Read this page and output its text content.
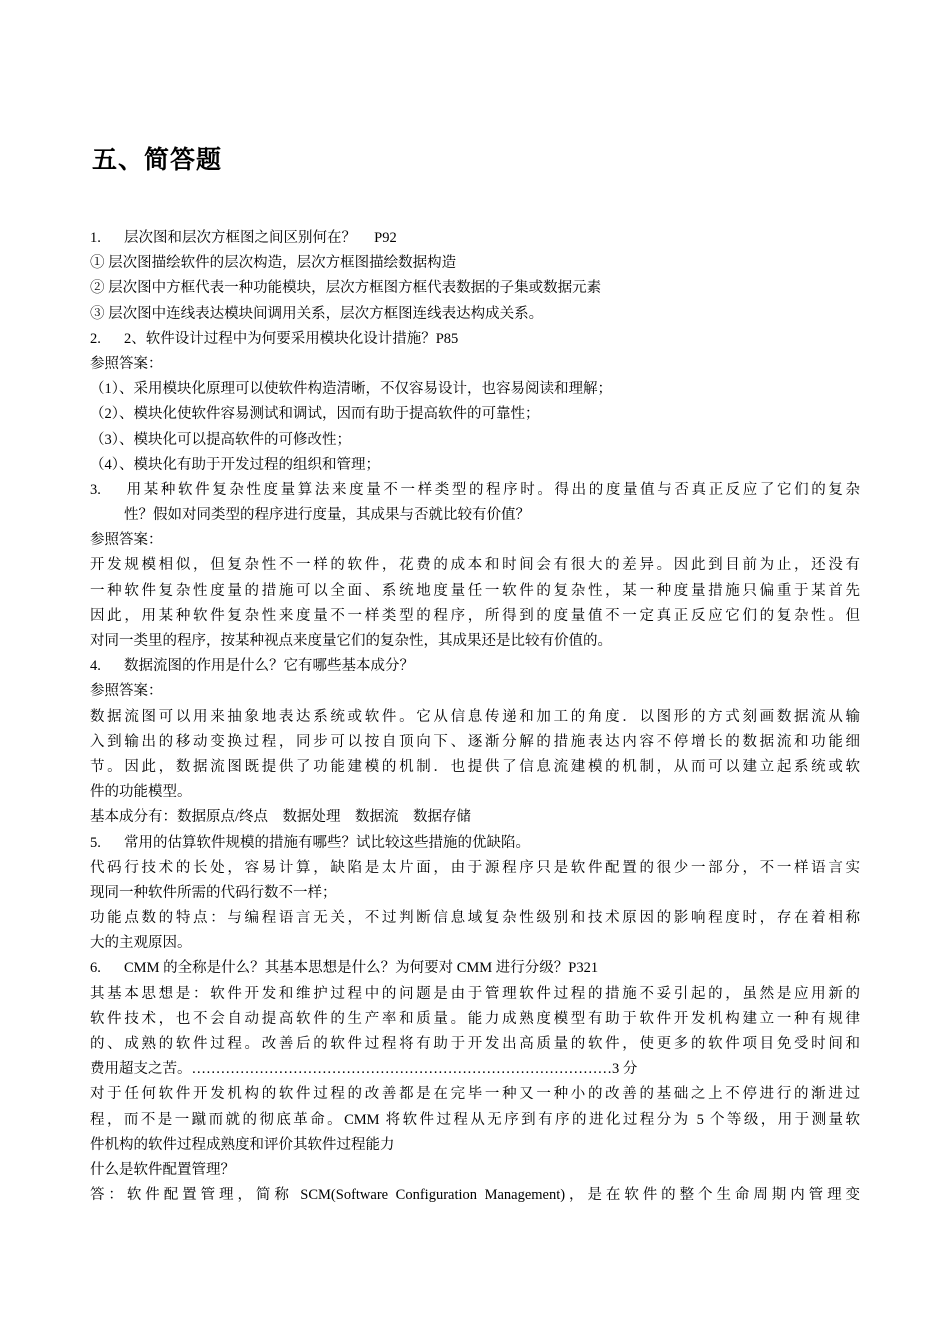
五、简答题
1. 层次图和层次方框图之间区别何在？　 P92
① 层次图描绘软件的层次构造，层次方框图描绘数据构造
② 层次图中方框代表一种功能模块，层次方框图方框代表数据的子集或数据元素
③ 层次图中连线表达模块间调用关系，层次方框图连线表达构成关系。
2. 2、软件设计过程中为何要采用模块化设计措施？P85
参照答案：
（1）、采用模块化原理可以使软件构造清晰，不仅容易设计，也容易阅读和理解；
（2）、模块化使软件容易测试和调试，因而有助于提高软件的可靠性；
（3）、模块化可以提高软件的可修改性；
（4）、模块化有助于开发过程的组织和管理；
3. 用某种软件复杂性度量算法来度量不一样类型的程序时。得出的度量值与否真正反应了它们的复杂
性？假如对同类型的程序进行度量，其成果与否就比较有价值？
参照答案：
开发规模相似，但复杂性不一样的软件，花费的成本和时间会有很大的差异。因此到目前为止，还没有
一种软件复杂性度量的措施可以全面、系统地度量任一软件的复杂性，某一种度量措施只偏重于某首先
因此，用某种软件复杂性来度量不一样类型的程序，所得到的度量值不一定真正反应它们的复杂性。但
对同一类里的程序，按某种视点来度量它们的复杂性，其成果还是比较有价值的。
4. 数据流图的作用是什么？它有哪些基本成分？
参照答案：
数据流图可以用来抽象地表达系统或软件。它从信息传递和加工的角度．以图形的方式刻画数据流从输
入到输出的移动变换过程，同步可以按自顶向下、逐渐分解的措施表达内容不停增长的数据流和功能细
节。因此，数据流图既提供了功能建模的机制．也提供了信息流建模的机制，从而可以建立起系统或软
件的功能模型。
基本成分有：数据原点/终点　数据处理　数据流　数据存储
5. 常用的估算软件规模的措施有哪些？试比较这些措施的优缺陷。
代码行技术的长处，容易计算，缺陷是太片面，由于源程序只是软件配置的很少一部分，不一样语言实
现同一种软件所需的代码行数不一样；
功能点数的特点：与编程语言无关，不过判断信息域复杂性级别和技术原因的影响程度时，存在着相称
大的主观原因。
6. CMM 的全称是什么？其基本思想是什么？为何要对 CMM 进行分级？P321
其基本思想是：软件开发和维护过程中的问题是由于管理软件过程的措施不妥引起的，虽然是应用新的
软件技术，也不会自动提高软件的生产率和质量。能力成熟度模型有助于软件开发机构建立一种有规律
的、成熟的软件过程。改善后的软件过程将有助于开发出高质量的软件，使更多的软件项目免受时间和
费用超支之苦。……………………………………………………………………………3 分
对于任何软件开发机构的软件过程的改善都是在完毕一种又一种小的改善的基础之上不停进行的渐进过
程，而不是一蹴而就的彻底革命。CMM 将软件过程从无序到有序的进化过程分为 5 个等级，用于测量软
件机构的软件过程成熟度和评价其软件过程能力
什么是软件配置管理？
答：软件配置管理，简称 SCM(Software Configuration Management)，是在软件的整个生命周期内管理变
